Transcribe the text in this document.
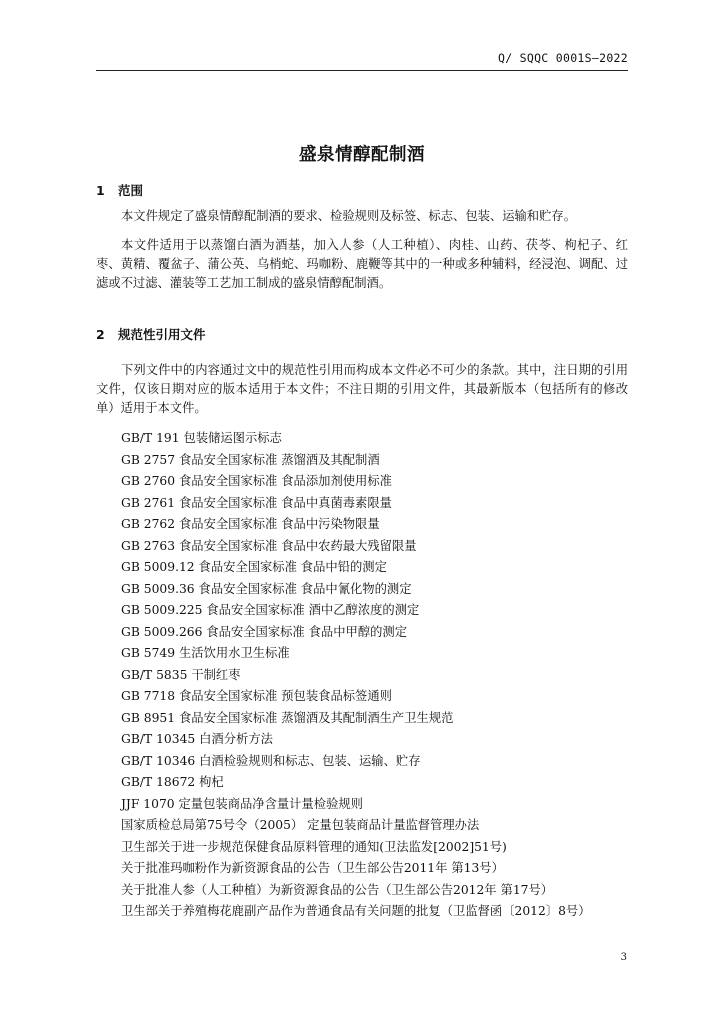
Q/ SQQC 0001S—2022
盛泉情醇配制酒
1 范围

本文件规定了盛泉情醇配制酒的要求、检验规则及标签、标志、包装、运输和贮存。

本文件适用于以蒸馏白酒为酒基，加入人参（人工种植）、肉桂、山药、茯苓、枸杞子、红枣、黄精、覆盆子、蒲公英、乌梢蛇、玛咖粉、鹿鞭等其中的一种或多种辅料，经浸泡、调配、过滤或不过滤、灌装等工艺加工制成的盛泉情醇配制酒。

2 规范性引用文件

下列文件中的内容通过文中的规范性引用而构成本文件必不可少的条款。其中，注日期的引用文件，仅该日期对应的版本适用于本文件；不注日期的引用文件，其最新版本（包括所有的修改单）适用于本文件。

GB/T 191 包装储运图示标志
GB 2757 食品安全国家标准 蒸馏酒及其配制酒
GB 2760 食品安全国家标准 食品添加剂使用标准
GB 2761 食品安全国家标准 食品中真菌毒素限量
GB 2762 食品安全国家标准 食品中污染物限量
GB 2763 食品安全国家标准 食品中农药最大残留限量
GB 5009.12 食品安全国家标准 食品中铅的测定
GB 5009.36 食品安全国家标准 食品中氰化物的测定
GB 5009.225 食品安全国家标准 酒中乙醇浓度的测定
GB 5009.266 食品安全国家标准 食品中甲醇的测定
GB 5749 生活饮用水卫生标准
GB/T 5835 干制红枣
GB 7718 食品安全国家标准 预包装食品标签通则
GB 8951 食品安全国家标准 蒸馏酒及其配制酒生产卫生规范
GB/T 10345 白酒分析方法
GB/T 10346 白酒检验规则和标志、包装、运输、贮存
GB/T 18672 枸杞
JJF 1070 定量包装商品净含量计量检验规则
国家质检总局第75号令（2005） 定量包装商品计量监督管理办法
卫生部关于进一步规范保健食品原料管理的通知(卫法监发[2002]51号)
关于批准玛咖粉作为新资源食品的公告（卫生部公告2011年 第13号）
关于批准人参（人工种植）为新资源食品的公告（卫生部公告2012年 第17号）
卫生部关于养殖梅花鹿副产品作为普通食品有关问题的批复（卫监督函〔2012〕8号）
3
